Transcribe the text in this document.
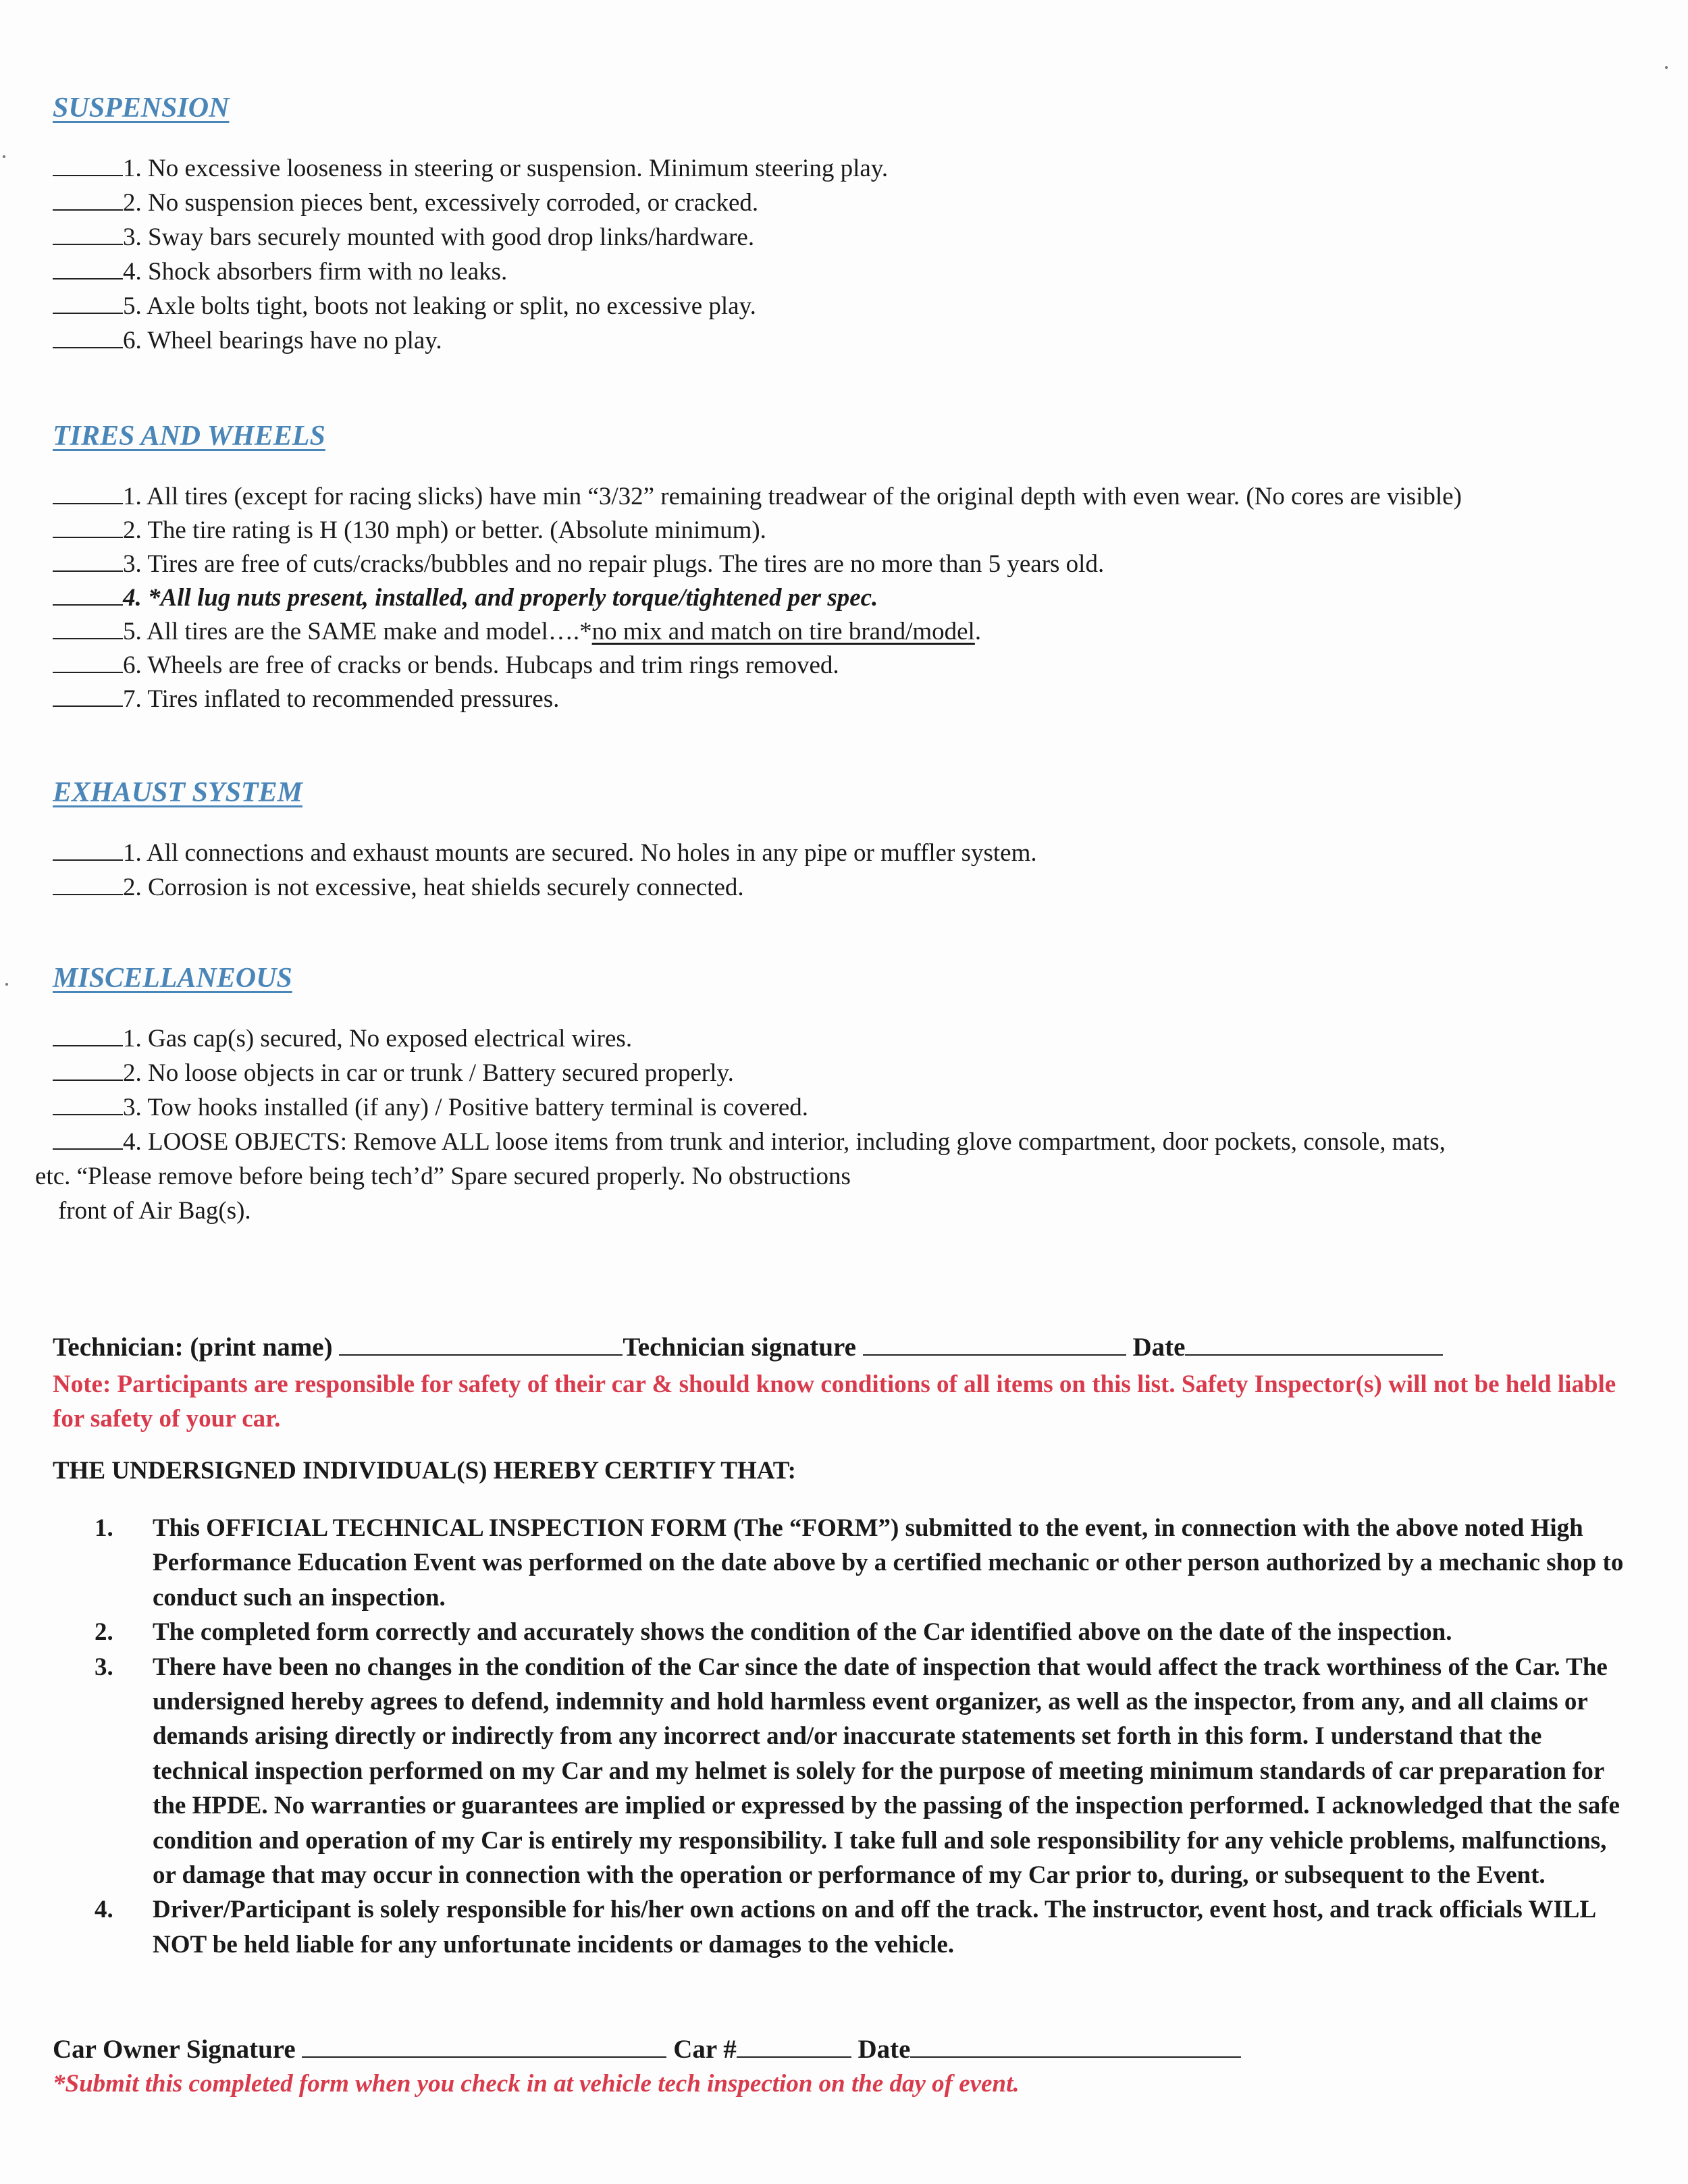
SUSPENSION
1. No excessive looseness in steering or suspension. Minimum steering play.
2. No suspension pieces bent, excessively corroded, or cracked.
3. Sway bars securely mounted with good drop links/hardware.
4. Shock absorbers firm with no leaks.
5. Axle bolts tight, boots not leaking or split, no excessive play.
6. Wheel bearings have no play.
TIRES AND WHEELS
1. All tires (except for racing slicks) have min “3/32” remaining treadwear of the original depth with even wear. (No cores are visible)
2. The tire rating is H (130 mph) or better. (Absolute minimum).
3. Tires are free of cuts/cracks/bubbles and no repair plugs. The tires are no more than 5 years old.
4. *All lug nuts present, installed, and properly torque/tightened per spec.
5. All tires are the SAME make and model….*no mix and match on tire brand/model.
6. Wheels are free of cracks or bends. Hubcaps and trim rings removed.
7. Tires inflated to recommended pressures.
EXHAUST SYSTEM
1. All connections and exhaust mounts are secured. No holes in any pipe or muffler system.
2. Corrosion is not excessive, heat shields securely connected.
MISCELLANEOUS
1. Gas cap(s) secured, No exposed electrical wires.
2. No loose objects in car or trunk / Battery secured properly.
3. Tow hooks installed (if any) / Positive battery terminal is covered.
4. LOOSE OBJECTS: Remove ALL loose items from trunk and interior, including glove compartment, door pockets, console, mats,
etc. “Please remove before being tech’d” Spare secured properly. No obstructions
front of Air Bag(s).
Technician: (print name)	Technician signature	Date
Note: Participants are responsible for safety of their car & should know conditions of all items on this list. Safety Inspector(s) will not be held liable for safety of your car.
THE UNDERSIGNED INDIVIDUAL(S) HEREBY CERTIFY THAT:
1. This OFFICIAL TECHNICAL INSPECTION FORM (The “FORM”) submitted to the event, in connection with the above noted High Performance Education Event was performed on the date above by a certified mechanic or other person authorized by a mechanic shop to conduct such an inspection.
2. The completed form correctly and accurately shows the condition of the Car identified above on the date of the inspection.
3. There have been no changes in the condition of the Car since the date of inspection that would affect the track worthiness of the Car. The undersigned hereby agrees to defend, indemnity and hold harmless event organizer, as well as the inspector, from any, and all claims or demands arising directly or indirectly from any incorrect and/or inaccurate statements set forth in this form. I understand that the technical inspection performed on my Car and my helmet is solely for the purpose of meeting minimum standards of car preparation for the HPDE. No warranties or guarantees are implied or expressed by the passing of the inspection performed. I acknowledged that the safe condition and operation of my Car is entirely my responsibility. I take full and sole responsibility for any vehicle problems, malfunctions, or damage that may occur in connection with the operation or performance of my Car prior to, during, or subsequent to the Event.
4. Driver/Participant is solely responsible for his/her own actions on and off the track. The instructor, event host, and track officials WILL NOT be held liable for any unfortunate incidents or damages to the vehicle.
Car Owner Signature	Car #	Date
*Submit this completed form when you check in at vehicle tech inspection on the day of event.
